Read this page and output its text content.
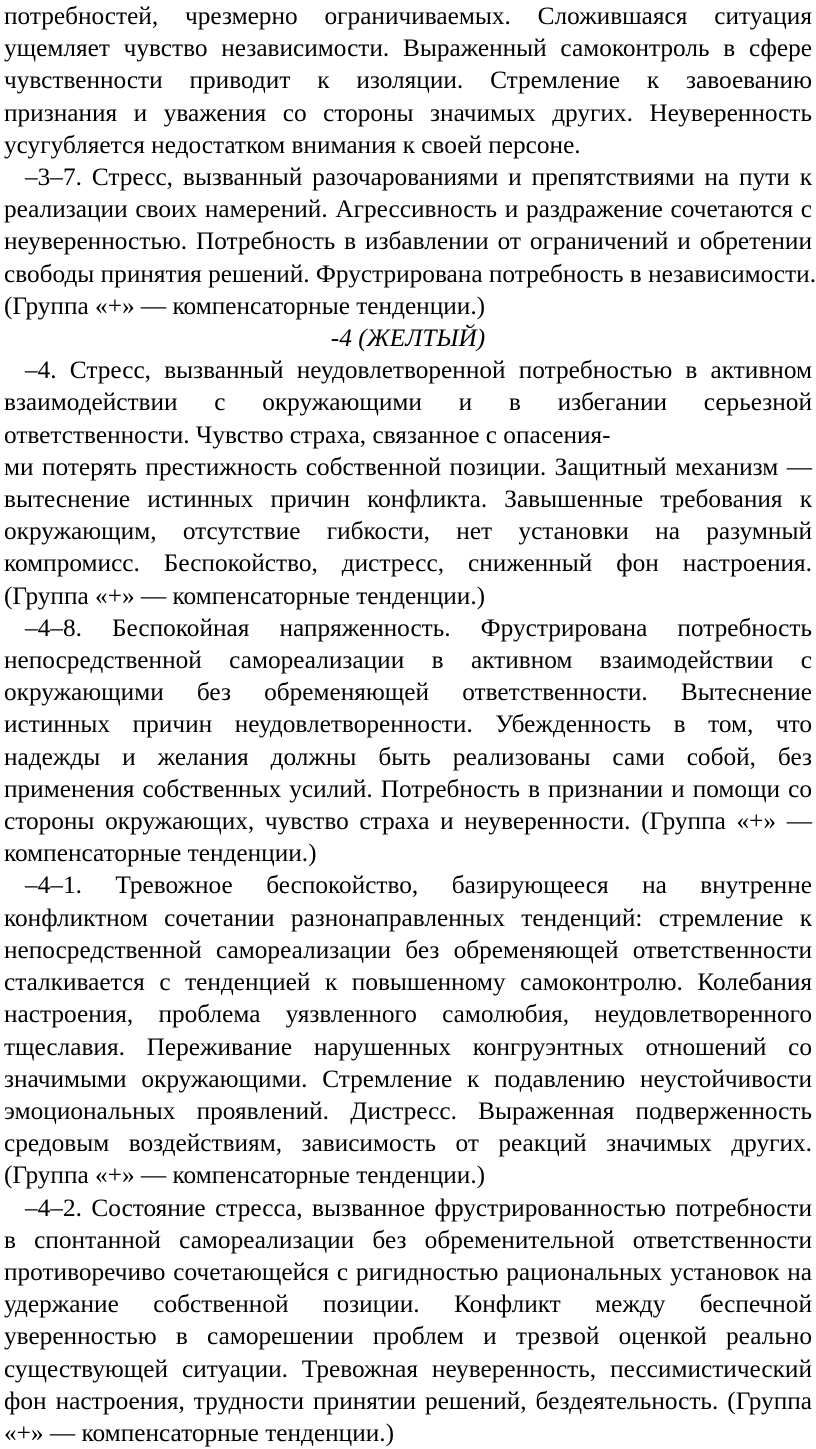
потребностей, чрезмерно ограничиваемых. Сложившаяся ситуация
ущемляет чувство независимости. Выраженный самоконтроль в сфере
чувственности приводит к изоляции. Стремление к завоеванию
признания и уважения со стороны значимых других. Неуверенность
усугубляется недостатком внимания к своей персоне.
–3–7. Стресс, вызванный разочарованиями и препятствиями на пути к
реализации своих намерений. Агрессивность и раздражение сочетаются с
неуверенностью. Потребность в избавлении от ограничений и обретении
свободы принятия решений. Фрустрирована потребность в независимости.
(Группа «+» — компенсаторные тенденции.)
-4 (ЖЕЛТЫЙ)
–4. Стресс, вызванный неудовлетворенной потребностью в активном
взаимодействии с окружающими и в избегании серьезной
ответственности. Чувство страха, связанное с опасения-
ми потерять престижность собственной позиции. Защитный механизм —
вытеснение истинных причин конфликта. Завышенные требования к
окружающим, отсутствие гибкости, нет установки на разумный
компромисс. Беспокойство, дистресс, сниженный фон настроения.
(Группа «+» — компенсаторные тенденции.)
–4–8. Беспокойная напряженность. Фрустрирована потребность
непосредственной самореализации в активном взаимодействии с
окружающими без обременяющей ответственности. Вытеснение
истинных причин неудовлетворенности. Убежденность в том, что
надежды и желания должны быть реализованы сами собой, без
применения собственных усилий. Потребность в признании и помощи со
стороны окружающих, чувство страха и неуверенности. (Группа «+» —
компенсаторные тенденции.)
–4–1. Тревожное беспокойство, базирующееся на внутренне
конфликтном сочетании разнонаправленных тенденций: стремление к
непосредственной самореализации без обременяющей ответственности
сталкивается с тенденцией к повышенному самоконтролю. Колебания
настроения, проблема уязвленного самолюбия, неудовлетворенного
тщеславия. Переживание нарушенных конгруэнтных отношений со
значимыми окружающими. Стремление к подавлению неустойчивости
эмоциональных проявлений. Дистресс. Выраженная подверженность
средовым воздействиям, зависимость от реакций значимых других.
(Группа «+» — компенсаторные тенденции.)
–4–2. Состояние стресса, вызванное фрустрированностью потребности
в спонтанной самореализации без обременительной ответственности
противоречиво сочетающейся с ригидностью рациональных установок на
удержание собственной позиции. Конфликт между беспечной
уверенностью в саморешении проблем и трезвой оценкой реально
существующей ситуации. Тревожная неуверенность, пессимистический
фон настроения, трудности принятии решений, бездеятельность. (Группа
«+» — компенсаторные тенденции.)
